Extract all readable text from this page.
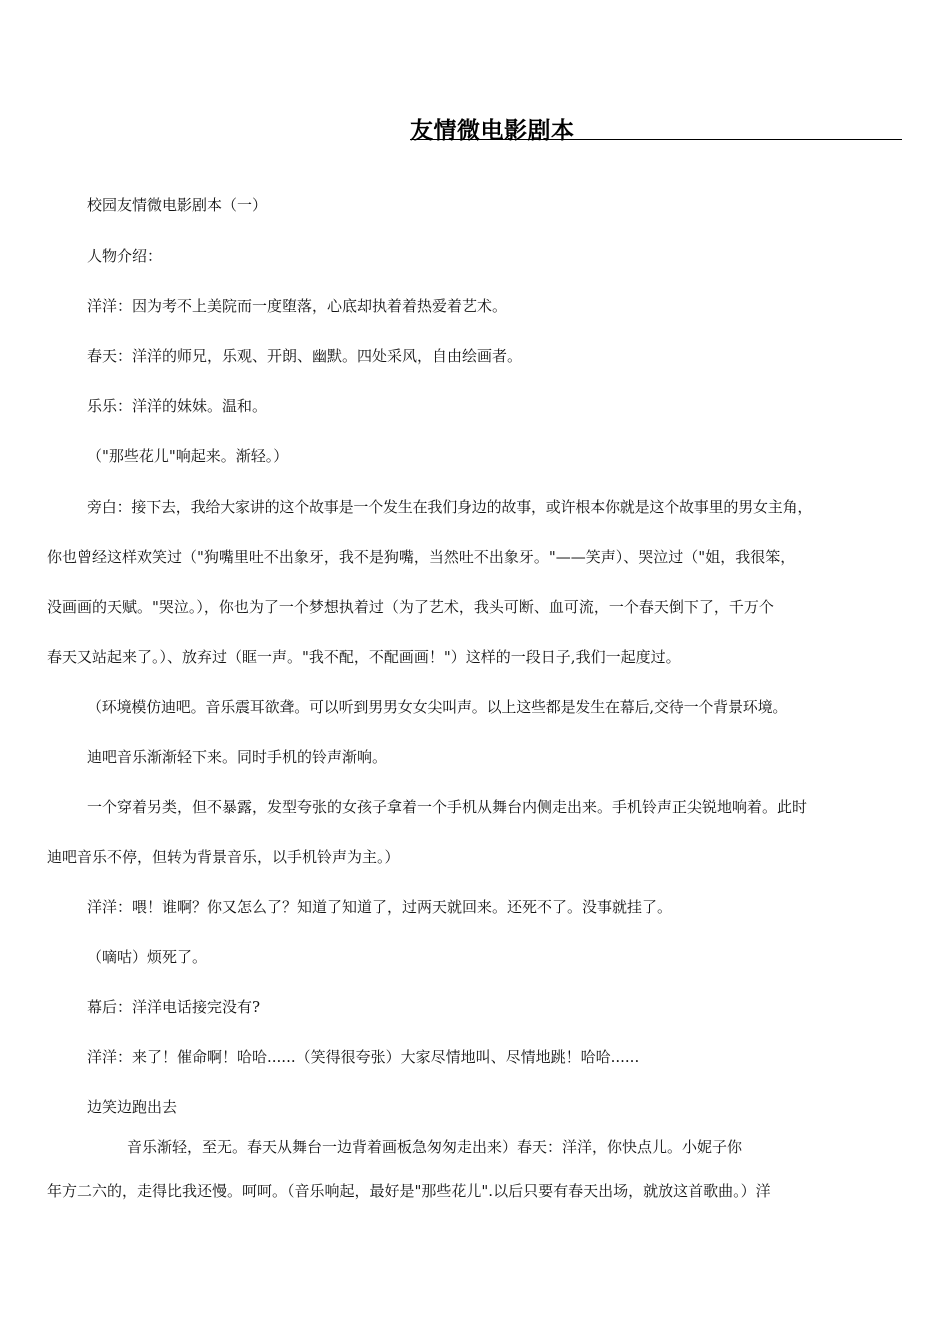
友情微电影剧本
校园友情微电影剧本（一）
人物介绍：
洋洋：因为考不上美院而一度堕落，心底却执着着热爱着艺术。
春天：洋洋的师兄，乐观、开朗、幽默。四处采风，自由绘画者。
乐乐：洋洋的妹妹。温和。
（"那些花儿"响起来。渐轻。）
旁白：接下去，我给大家讲的这个故事是一个发生在我们身边的故事，或许根本你就是这个故事里的男女主角，
你也曾经这样欢笑过（"狗嘴里吐不出象牙，我不是狗嘴，当然吐不出象牙。"——笑声）、哭泣过（"姐，我很笨，
没画画的天赋。"哭泣。），你也为了一个梦想执着过（为了艺术，我头可断、血可流，一个春天倒下了，千万个
春天又站起来了。）、放弃过（眶一声。"我不配，不配画画！"）这样的一段日子,我们一起度过。
（环境模仿迪吧。音乐震耳欲聋。可以听到男男女女尖叫声。以上这些都是发生在幕后,交待一个背景环境。
迪吧音乐渐渐轻下来。同时手机的铃声渐响。
一个穿着另类，但不暴露，发型夸张的女孩子拿着一个手机从舞台内侧走出来。手机铃声正尖锐地响着。此时
迪吧音乐不停，但转为背景音乐，以手机铃声为主。）
洋洋：喂！谁啊？你又怎么了？知道了知道了，过两天就回来。还死不了。没事就挂了。
（嘀咕）烦死了。
幕后：洋洋电话接完没有?
洋洋：来了！催命啊！哈哈......（笑得很夸张）大家尽情地叫、尽情地跳！哈哈......
边笑边跑出去
音乐渐轻，至无。春天从舞台一边背着画板急匆匆走出来）春天：洋洋，你快点儿。小妮子你
年方二六的，走得比我还慢。呵呵。（音乐响起，最好是"那些花儿".以后只要有春天出场，就放这首歌曲。）洋
